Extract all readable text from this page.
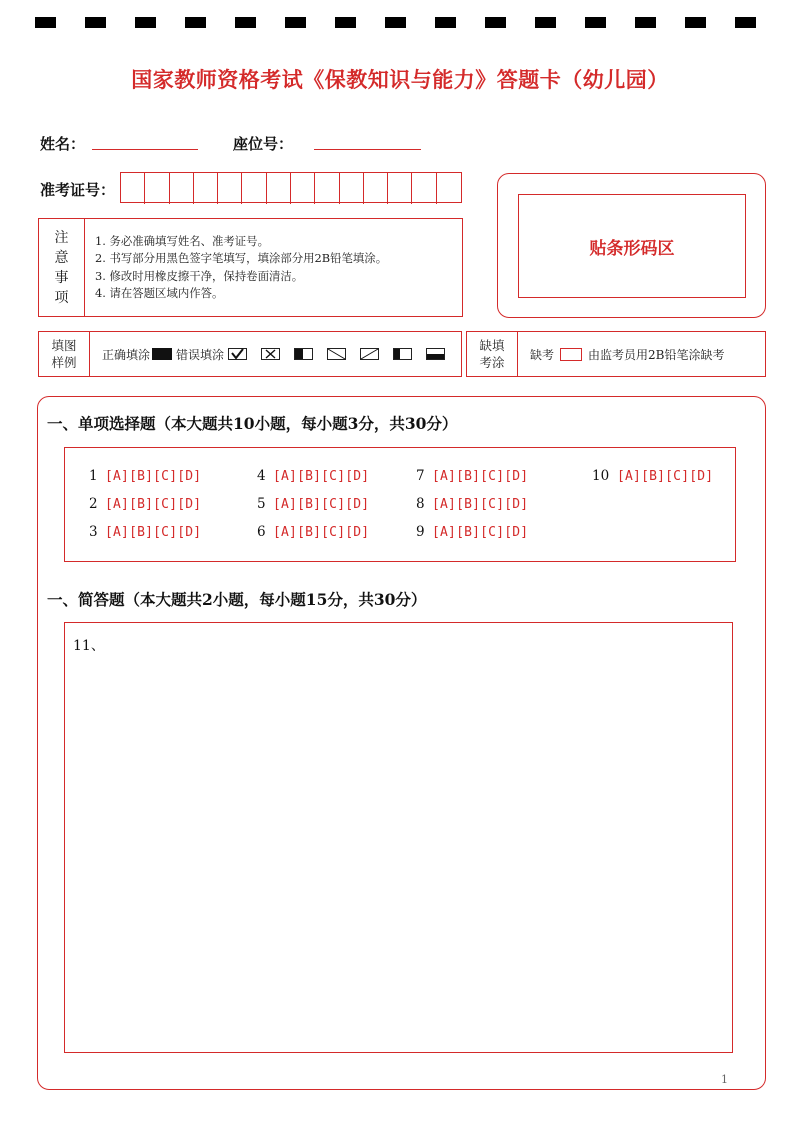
国家教师资格考试《保教知识与能力》答题卡（幼儿园）
姓名：	座位号：
准考证号：
注
意
事
项
1. 务必准确填写姓名、准考证号。
2. 书写部分用黑色签字笔填写，填涂部分用2B铅笔填涂。
3. 修改时用橡皮擦干净，保持卷面清洁。
4. 请在答题区域内作答。
贴条形码区
填图
样例
正确填涂 错误填涂
缺填
考涂
缺考	由监考员用2B铅笔涂缺考
一、单项选择题（本大题共10小题，每小题3分，共30分）
1 [A][B][C][D]
2 [A][B][C][D]
3 [A][B][C][D]
4 [A][B][C][D]
5 [A][B][C][D]
6 [A][B][C][D]
7 [A][B][C][D]
8 [A][B][C][D]
9 [A][B][C][D]
10 [A][B][C][D]
一、简答题（本大题共2小题，每小题15分，共30分）
11、
1
